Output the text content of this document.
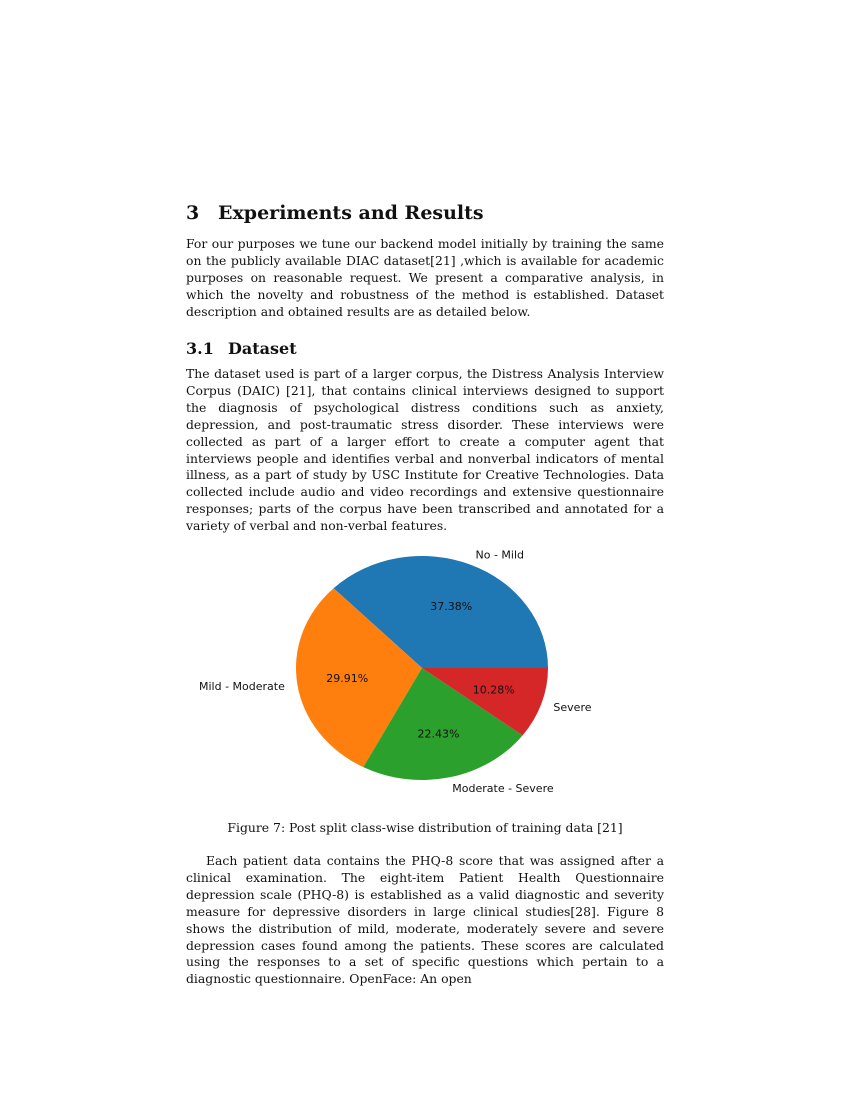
3 Experiments and Results

For our purposes we tune our backend model initially by training the same on the publicly available DIAC dataset[21] ,which is available for academic purposes on reasonable request. We present a comparative analysis, in which the novelty and robustness of the method is established. Dataset description and obtained results are as detailed below.

3.1 Dataset

The dataset used is part of a larger corpus, the Distress Analysis Interview Corpus (DAIC) [21], that contains clinical interviews designed to support the diagnosis of psychological distress conditions such as anxiety, depression, and post-traumatic stress disorder. These interviews were collected as part of a larger effort to create a computer agent that interviews people and identifies verbal and nonverbal indicators of mental illness, as a part of study by USC Institute for Creative Technologies. Data collected include audio and video recordings and extensive questionnaire responses; parts of the corpus have been transcribed and annotated for a variety of verbal and non-verbal features.

37.38%
No - Mild
29.91%
Mild - Moderate
22.43%
Moderate - Severe
10.28%
Severe

Figure 7: Post split class-wise distribution of training data [21]

Each patient data contains the PHQ-8 score that was assigned after a clinical examination. The eight-item Patient Health Questionnaire depression scale (PHQ-8) is established as a valid diagnostic and severity measure for depressive disorders in large clinical studies[28]. Figure 8 shows the distribution of mild, moderate, moderately severe and severe depression cases found among the patients. These scores are calculated using the responses to a set of specific questions which pertain to a diagnostic questionnaire. OpenFace: An open
